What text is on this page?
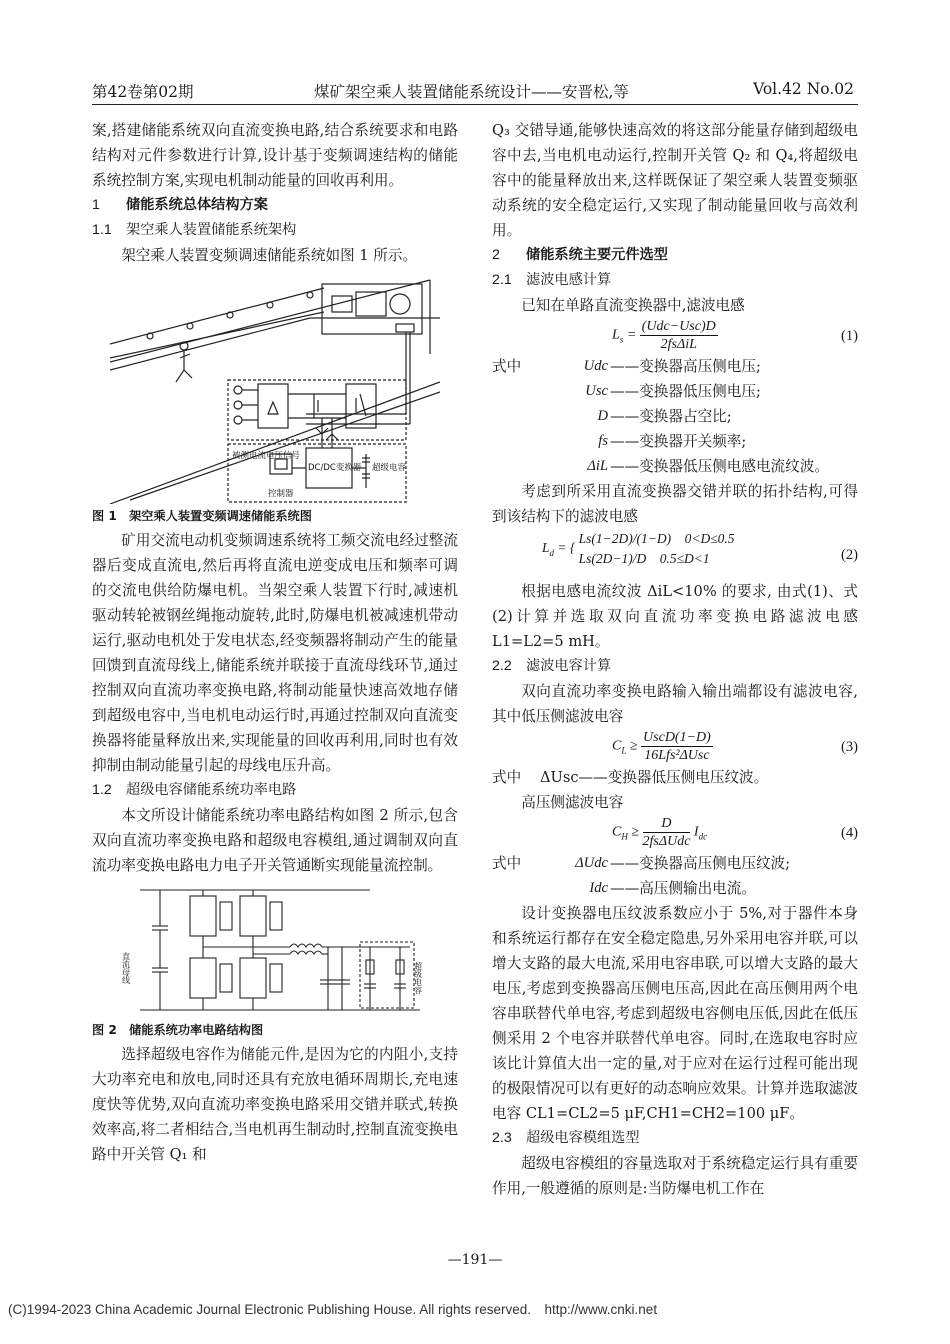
第42卷第02期	煤矿架空乘人装置储能系统设计——安晋松,等	Vol.42 No.02

案,搭建储能系统双向直流变换电路,结合系统要求和电路结构对元件参数进行计算,设计基于变频调速结构的储能系统控制方案,实现电机制动能量的回收再利用。

1 储能系统总体结构方案

1.1 架空乘人装置储能系统架构

架空乘人装置变频调速储能系统如图 1 所示。

被测电流电压信号
控制器
DC/DC变换器 超级电容

图 1　架空乘人装置变频调速储能系统图

矿用交流电动机变频调速系统将工频交流电经过整流器后变成直流电,然后再将直流电逆变成电压和频率可调的交流电供给防爆电机。当架空乘人装置下行时,减速机驱动转轮被钢丝绳拖动旋转,此时,防爆电机被减速机带动运行,驱动电机处于发电状态,经变频器将制动产生的能量回馈到直流母线上,储能系统并联接于直流母线环节,通过控制双向直流功率变换电路,将制动能量快速高效地存储到超级电容中,当电机电动运行时,再通过控制双向直流变换器将能量释放出来,实现能量的回收再利用,同时也有效抑制由制动能量引起的母线电压升高。

1.2 超级电容储能系统功率电路

本文所设计储能系统功率电路结构如图 2 所示,包含双向直流功率变换电路和超级电容模组,通过调制双向直流功率变换电路电力电子开关管通断实现能量流控制。

直流母线	超级电容

图 2　储能系统功率电路结构图

选择超级电容作为储能元件,是因为它的内阻小,支持大功率充电和放电,同时还具有充放电循环周期长,充电速度快等优势,双向直流功率变换电路采用交错并联式,转换效率高,将二者相结合,当电机再生制动时,控制直流变换电路中开关管 Q₁ 和

Q₃ 交错导通,能够快速高效的将这部分能量存储到超级电容中去,当电机电动运行,控制开关管 Q₂ 和 Q₄,将超级电容中的能量释放出来,这样既保证了架空乘人装置变频驱动系统的安全稳定运行,又实现了制动能量回收与高效利用。

2 储能系统主要元件选型

2.1 滤波电感计算

已知在单路直流变换器中,滤波电感

$L_s = \frac{\text{(Udc−Usc)D}}{\text{2fsΔiL}}$	(1)
式中	Udc ——变换器高压侧电压;
Usc ——变换器低压侧电压;
D ——变换器占空比;
fs ——变换器开关频率;
ΔiL ——变换器低压侧电感电流纹波。

考虑到所采用直流变换器交错并联的拓扑结构,可得到该结构下的滤波电感

$L_d$ = { Ls(1−2D)/(1−D)　0<D≤0.5
Ls(2D−1)/D　0.5≤D<1	(2)

根据电感电流纹波 ΔiL<10% 的要求, 由式(1)、式(2)计算并选取双向直流功率变换电路滤波电感 L1=L2=5 mH。

2.2 滤波电容计算

双向直流功率变换电路输入输出端都设有滤波电容,其中低压侧滤波电容

$C_L \ge \frac{\text{UscD(1−D)}}{\text{16Lfs²ΔUsc}}$	(3)
式中 ΔUsc——变换器低压侧电压纹波。

高压侧滤波电容

$C_H \ge \frac{D}{\text{2fsΔUdc}} I_{dc}$	(4)
式中	ΔUdc ——变换器高压侧电压纹波;
Idc ——高压侧输出电流。

设计变换器电压纹波系数应小于 5%,对于器件本身和系统运行都存在安全稳定隐患,另外采用电容并联,可以增大支路的最大电流,采用电容串联,可以增大支路的最大电压,考虑到变换器高压侧电压高,因此在高压侧用两个电容串联替代单电容,考虑到超级电容侧电压低,因此在低压侧采用 2 个电容并联替代单电容。同时,在选取电容时应该比计算值大出一定的量,对于应对在运行过程可能出现的极限情况可以有更好的动态响应效果。计算并选取滤波电容 CL1=CL2=5 μF,CH1=CH2=100 μF。

2.3 超级电容模组选型

超级电容模组的容量选取对于系统稳定运行具有重要作用,一般遵循的原则是:当防爆电机工作在

—191—
(C)1994-2023 China Academic Journal Electronic Publishing House. All rights reserved.　http://www.cnki.net
